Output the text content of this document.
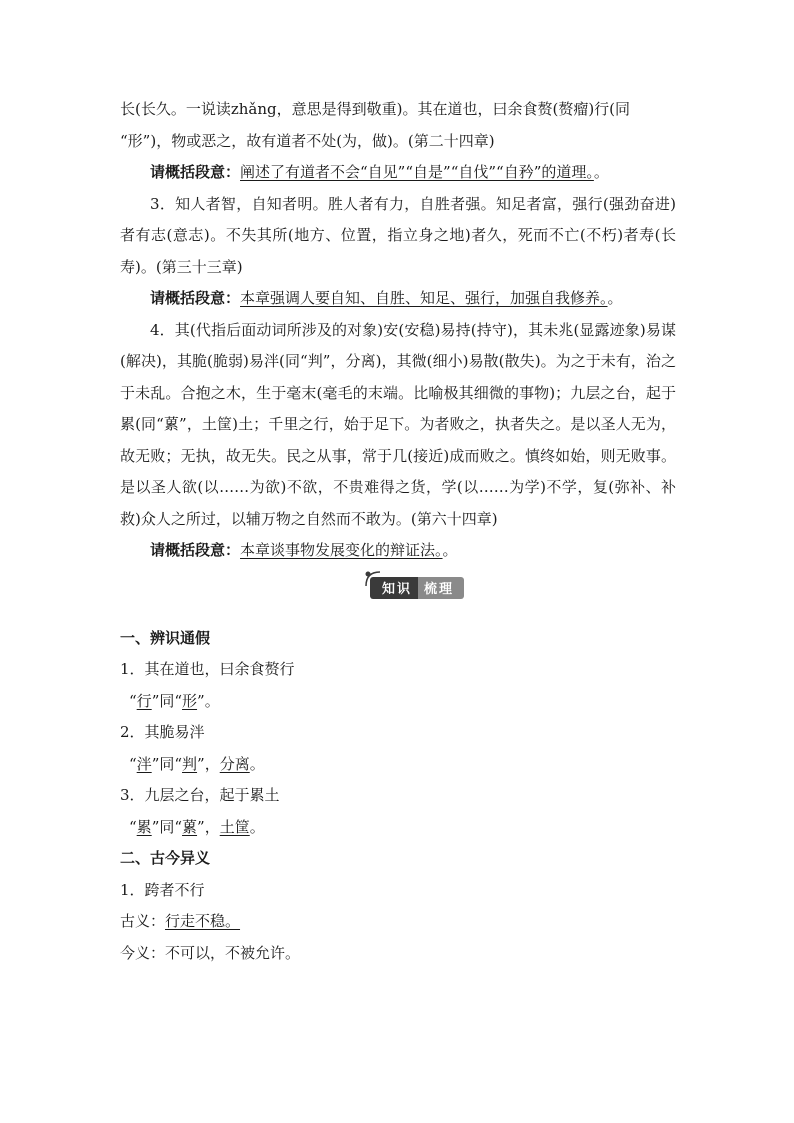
长(长久。一说读zhǎng，意思是得到敬重)。其在道也，曰余食赘(赘瘤)行(同
“形”)，物或恶之，故有道者不处(为，做)。(第二十四章)

请概括段意：阐述了有道者不会“自见”“自是”“自伐”“自矜”的道理。。

3．知人者智，自知者明。胜人者有力，自胜者强。知足者富，强行(强劲奋进)者有志(意志)。不失其所(地方、位置，指立身之地)者久，死而不亡(不朽)者寿(长寿)。(第三十三章)

请概括段意：本章强调人要自知、自胜、知足、强行，加强自我修养。。

4．其(代指后面动词所涉及的对象)安(安稳)易持(持守)，其未兆(显露迹象)易谋(解决)，其脆(脆弱)易泮(同“判”，分离)，其微(细小)易散(散失)。为之于未有，治之于未乱。合抱之木，生于毫末(毫毛的末端。比喻极其细微的事物)；九层之台，起于累(同“蔂”，土筐)土；千里之行，始于足下。为者败之，执者失之。是以圣人无为，故无败；无执，故无失。民之从事，常于几(接近)成而败之。慎终如始，则无败事。是以圣人欲(以……为欲)不欲，不贵难得之货，学(以……为学)不学，复(弥补、补救)众人之所过，以辅万物之自然而不敢为。(第六十四章)

请概括段意：本章谈事物发展变化的辩证法。。

知识 梳理

一、辨识通假

1．其在道也，曰余食赘行

“行”同“形”。

2．其脆易泮

“泮”同“判”，分离。

3．九层之台，起于累土

“累”同“蔂”，土筐。

二、古今异义

1．跨者不行

古义：行走不稳。

今义：不可以，不被允许。
